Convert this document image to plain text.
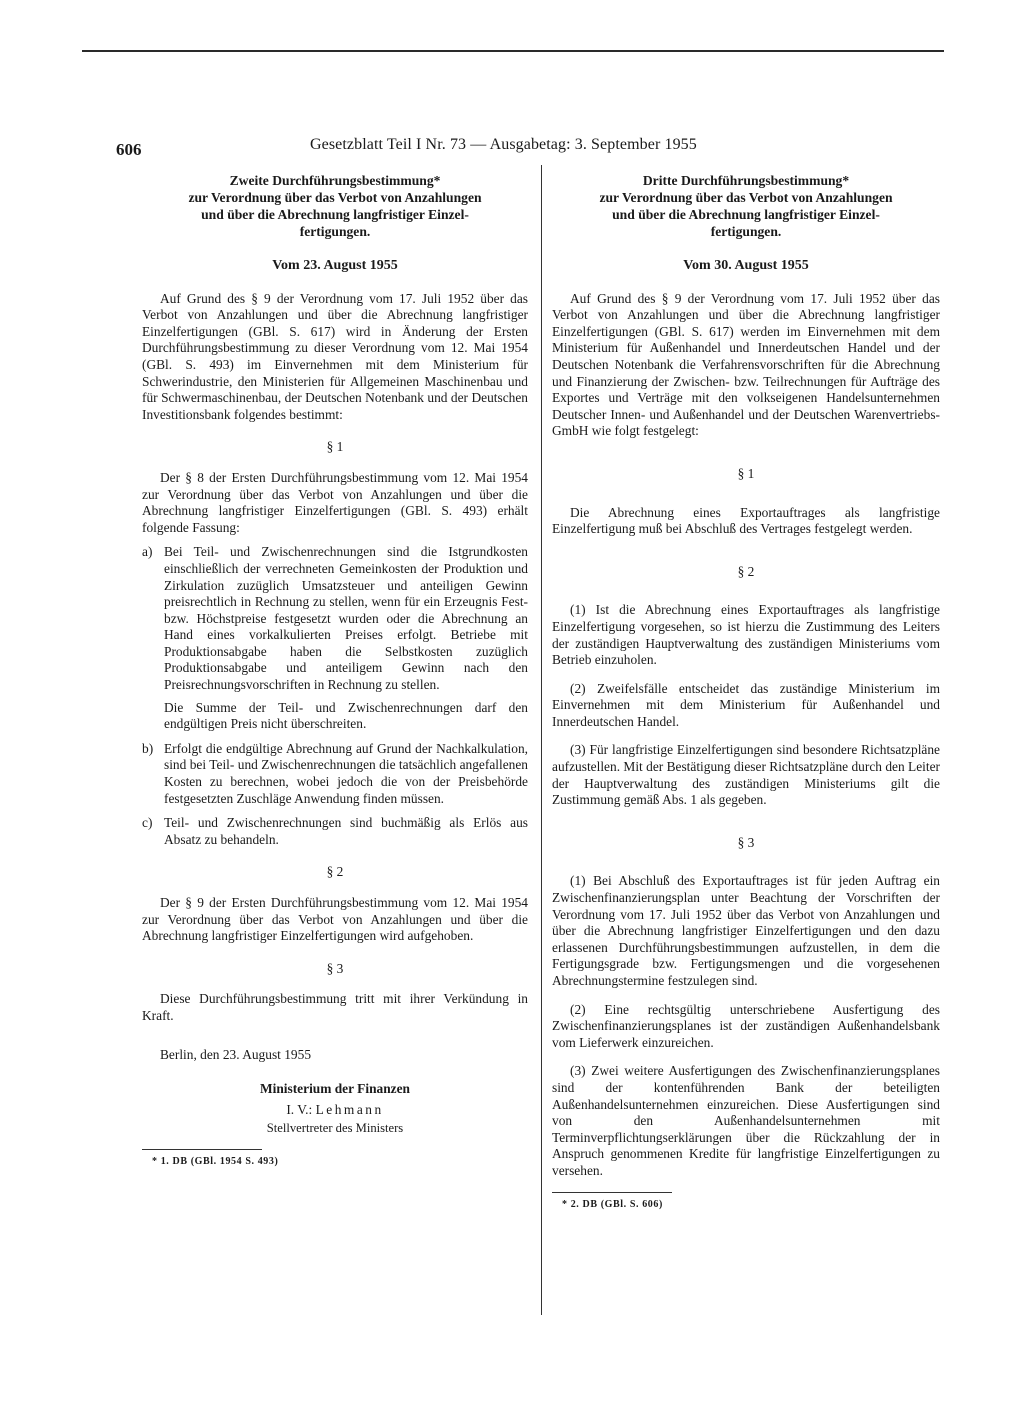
606	Gesetzblatt Teil I Nr. 73 — Ausgabetag: 3. September 1955

Zweite Durchführungsbestimmung*

zur Verordnung über das Verbot von Anzahlungen

und über die Abrechnung langfristiger Einzel-

fertigungen.

Vom 23. August 1955

Auf Grund des § 9 der Verordnung vom 17. Juli 1952 über das Verbot von Anzahlungen und über die Abrechnung langfristiger Einzelfertigungen (GBl. S. 617) wird in Änderung der Ersten Durchführungsbestimmung zu dieser Verordnung vom 12. Mai 1954 (GBl. S. 493) im Einvernehmen mit dem Ministerium für Schwerindustrie, den Ministerien für Allgemeinen Maschinenbau und für Schwermaschinenbau, der Deutschen Notenbank und der Deutschen Investitionsbank folgendes bestimmt:

§ 1

Der § 8 der Ersten Durchführungsbestimmung vom 12. Mai 1954 zur Verordnung über das Verbot von Anzahlungen und über die Abrechnung langfristiger Einzelfertigungen (GBl. S. 493) erhält folgende Fassung:

a) Bei Teil- und Zwischenrechnungen sind die Istgrundkosten einschließlich der verrechneten Gemeinkosten der Produktion und Zirkulation zuzüglich Umsatzsteuer und anteiligen Gewinn preisrechtlich in Rechnung zu stellen, wenn für ein Erzeugnis Fest- bzw. Höchstpreise festgesetzt wurden oder die Abrechnung an Hand eines vorkalkulierten Preises erfolgt. Betriebe mit Produktionsabgabe haben die Selbstkosten zuzüglich Produktionsabgabe und anteiligem Gewinn nach den Preisrechnungsvorschriften in Rechnung zu stellen.

Die Summe der Teil- und Zwischenrechnungen darf den endgültigen Preis nicht überschreiten.

b) Erfolgt die endgültige Abrechnung auf Grund der Nachkalkulation, sind bei Teil- und Zwischenrechnungen die tatsächlich angefallenen Kosten zu berechnen, wobei jedoch die von der Preisbehörde festgesetzten Zuschläge Anwendung finden müssen.
c) Teil- und Zwischenrechnungen sind buchmäßig als Erlös aus Absatz zu behandeln.

§ 2

Der § 9 der Ersten Durchführungsbestimmung vom 12. Mai 1954 zur Verordnung über das Verbot von Anzahlungen und über die Abrechnung langfristiger Einzelfertigungen wird aufgehoben.

§ 3

Diese Durchführungsbestimmung tritt mit ihrer Verkündung in Kraft.

Berlin, den 23. August 1955

Ministerium der Finanzen

I. V.: Lehmann

Stellvertreter des Ministers

* 1. DB (GBl. 1954 S. 493)

Dritte Durchführungsbestimmung*

zur Verordnung über das Verbot von Anzahlungen

und über die Abrechnung langfristiger Einzel-

fertigungen.

Vom 30. August 1955

Auf Grund des § 9 der Verordnung vom 17. Juli 1952 über das Verbot von Anzahlungen und über die Abrechnung langfristiger Einzelfertigungen (GBl. S. 617) werden im Einvernehmen mit dem Ministerium für Außenhandel und Innerdeutschen Handel und der Deutschen Notenbank die Verfahrensvorschriften für die Abrechnung und Finanzierung der Zwischen- bzw. Teilrechnungen für Aufträge des Exportes und Verträge mit den volkseigenen Handelsunternehmen Deutscher Innen- und Außenhandel und der Deutschen Warenvertriebs-GmbH wie folgt festgelegt:

§ 1

Die Abrechnung eines Exportauftrages als langfristige Einzelfertigung muß bei Abschluß des Vertrages festgelegt werden.

§ 2

(1) Ist die Abrechnung eines Exportauftrages als langfristige Einzelfertigung vorgesehen, so ist hierzu die Zustimmung des Leiters der zuständigen Hauptverwaltung des zuständigen Ministeriums vom Betrieb einzuholen.

(2) Zweifelsfälle entscheidet das zuständige Ministerium im Einvernehmen mit dem Ministerium für Außenhandel und Innerdeutschen Handel.

(3) Für langfristige Einzelfertigungen sind besondere Richtsatzpläne aufzustellen. Mit der Bestätigung dieser Richtsatzpläne durch den Leiter der Hauptverwaltung des zuständigen Ministeriums gilt die Zustimmung gemäß Abs. 1 als gegeben.

§ 3

(1) Bei Abschluß des Exportauftrages ist für jeden Auftrag ein Zwischenfinanzierungsplan unter Beachtung der Vorschriften der Verordnung vom 17. Juli 1952 über das Verbot von Anzahlungen und über die Abrechnung langfristiger Einzelfertigungen und den dazu erlassenen Durchführungsbestimmungen aufzustellen, in dem die Fertigungsgrade bzw. Fertigungsmengen und die vorgesehenen Abrechnungstermine festzulegen sind.

(2) Eine rechtsgültig unterschriebene Ausfertigung des Zwischenfinanzierungsplanes ist der zuständigen Außenhandelsbank vom Lieferwerk einzureichen.

(3) Zwei weitere Ausfertigungen des Zwischenfinanzierungsplanes sind der kontenführenden Bank der beteiligten Außenhandelsunternehmen einzureichen. Diese Ausfertigungen sind von den Außenhandelsunternehmen mit Terminverpflichtungserklärungen über die Rückzahlung der in Anspruch genommenen Kredite für langfristige Einzelfertigungen zu versehen.

* 2. DB (GBl. S. 606)
